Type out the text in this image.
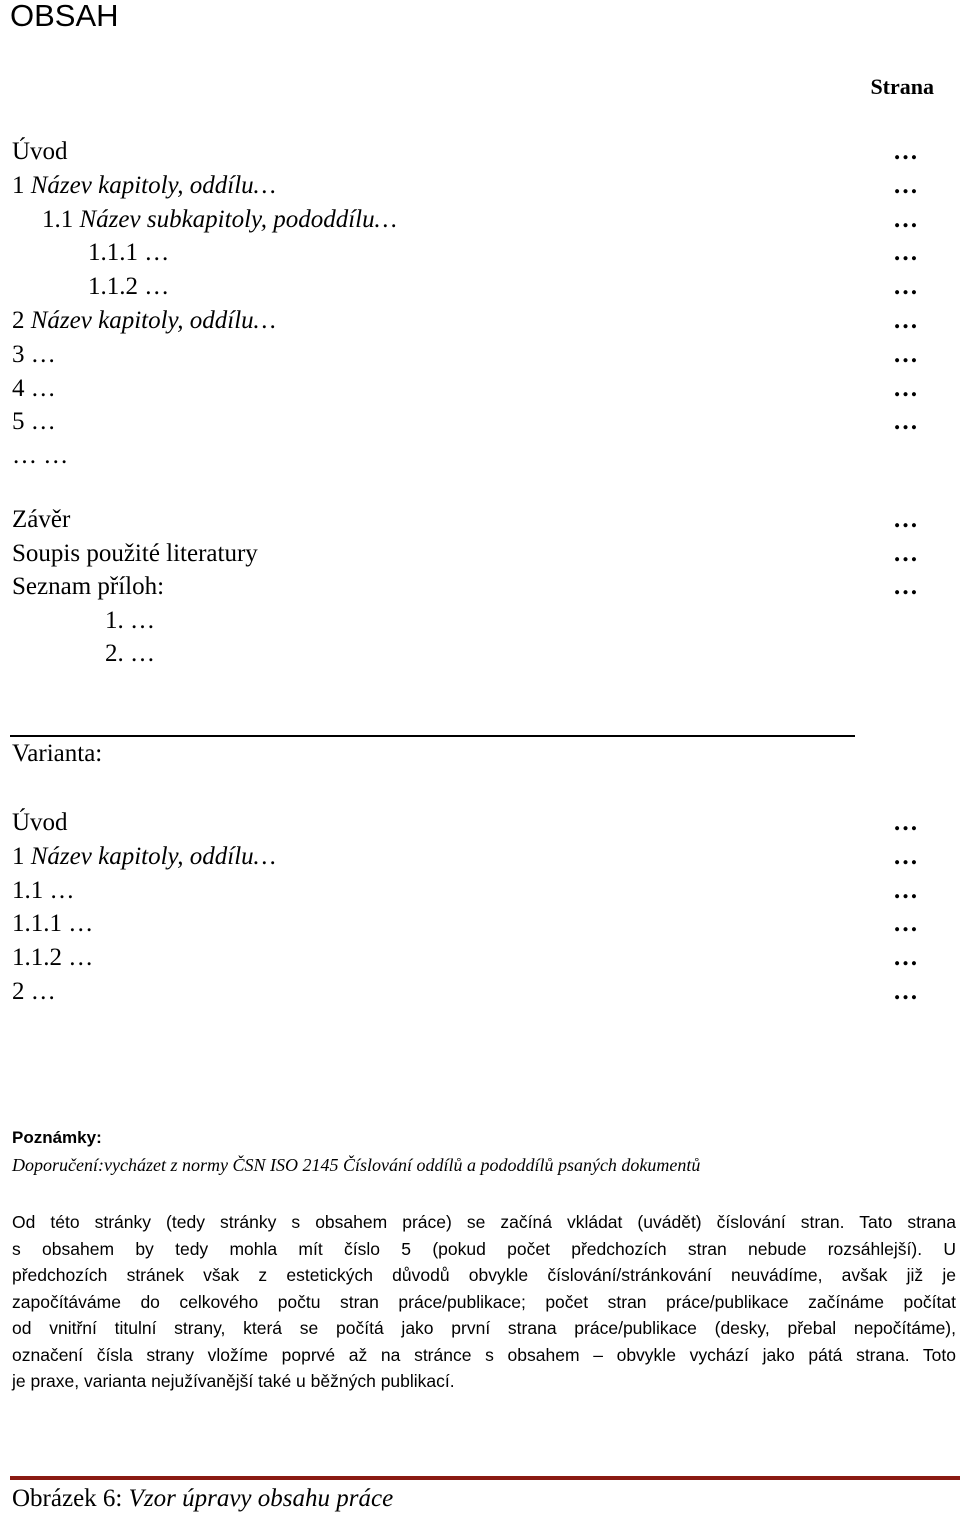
OBSAH
Strana
Úvod	…
1 Název kapitoly, oddílu…	…
1.1 Název subkapitoly, pododdílu…	…
1.1.1 …	…
1.1.2 …	…
2 Název kapitoly, oddílu…	…
3 …	…
4 …	…
5 …	…
… …
Závěr	…
Soupis použité literatury	…
Seznam příloh:	…
1. …
2. …
Varianta:
Úvod	…
1 Název kapitoly, oddílu…	…
1.1 …	…
1.1.1 …	…
1.1.2 …	…
2 …	…
Poznámky:
Doporučení:vycházet z normy ČSN ISO 2145 Číslování oddílů a pododdílů psaných dokumentů
Od této stránky (tedy stránky s obsahem práce) se začíná vkládat (uvádět) číslování stran. Tato strana
s obsahem by tedy mohla mít číslo 5 (pokud počet předchozích stran nebude rozsáhlejší). U
předchozích stránek však z estetických důvodů obvykle číslování/stránkování neuvádíme, avšak již je
započítáváme do celkového počtu stran práce/publikace; počet stran práce/publikace začínáme počítat
od vnitřní titulní strany, která se počítá jako první strana práce/publikace (desky, přebal nepočítáme),
označení čísla strany vložíme poprvé až na stránce s obsahem – obvykle vychází jako pátá strana. Toto
je praxe, varianta nejužívanější také u běžných publikací.
Obrázek 6: Vzor úpravy obsahu práce
